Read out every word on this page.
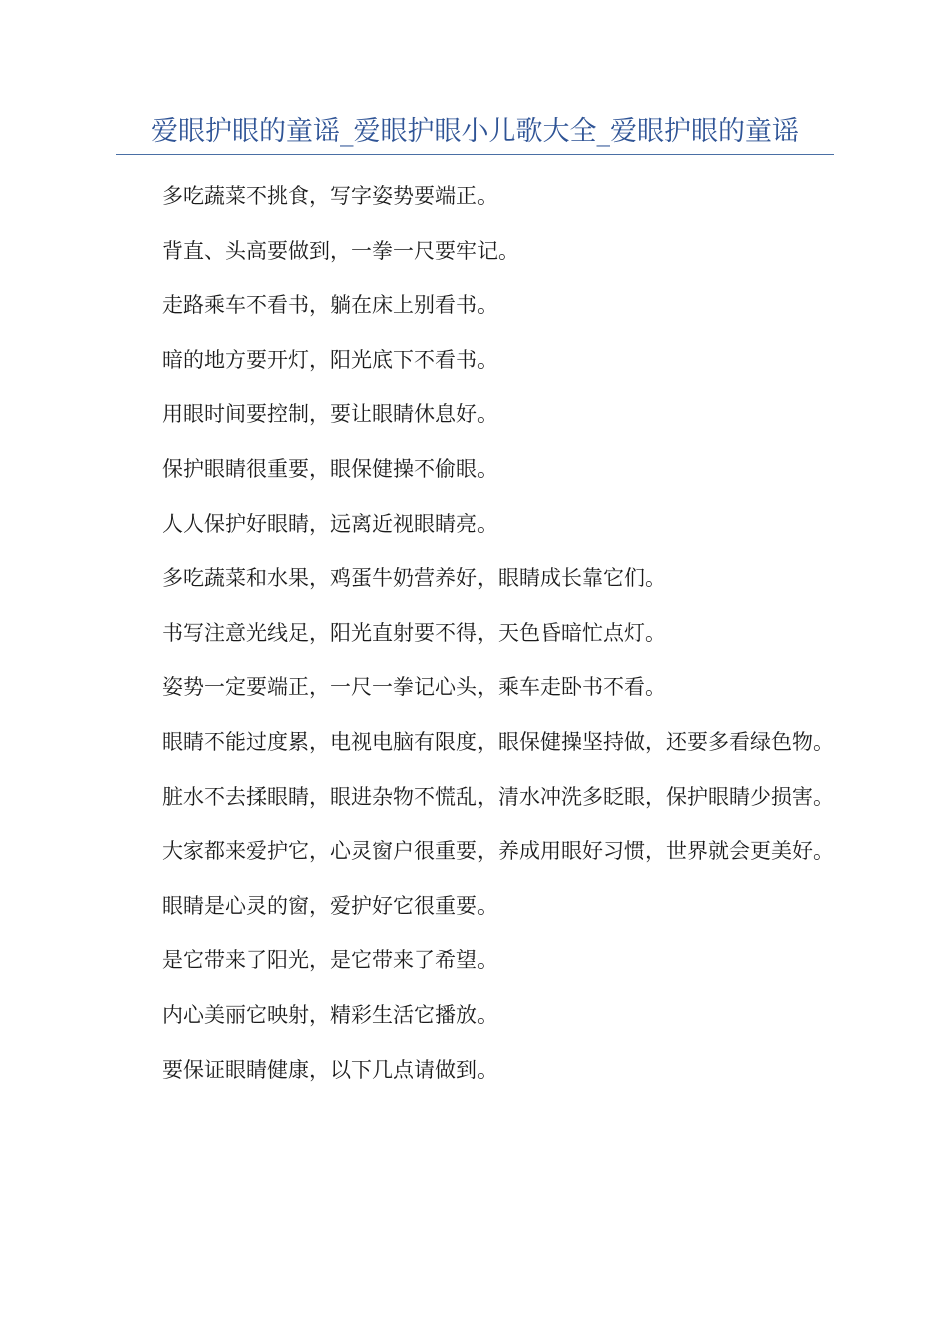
爱眼护眼的童谣_爱眼护眼小儿歌大全_爱眼护眼的童谣

多吃蔬菜不挑食，写字姿势要端正。

背直、头高要做到，一拳一尺要牢记。

走路乘车不看书，躺在床上别看书。

暗的地方要开灯，阳光底下不看书。

用眼时间要控制，要让眼睛休息好。

保护眼睛很重要，眼保健操不偷眼。

人人保护好眼睛，远离近视眼睛亮。

多吃蔬菜和水果，鸡蛋牛奶营养好，眼睛成长靠它们。

书写注意光线足，阳光直射要不得，天色昏暗忙点灯。

姿势一定要端正，一尺一拳记心头，乘车走卧书不看。

眼睛不能过度累，电视电脑有限度，眼保健操坚持做，还要多看绿色物。

脏水不去揉眼睛，眼进杂物不慌乱，清水冲洗多眨眼，保护眼睛少损害。

大家都来爱护它，心灵窗户很重要，养成用眼好习惯，世界就会更美好。

眼睛是心灵的窗，爱护好它很重要。

是它带来了阳光，是它带来了希望。

内心美丽它映射，精彩生活它播放。

要保证眼睛健康，以下几点请做到。
